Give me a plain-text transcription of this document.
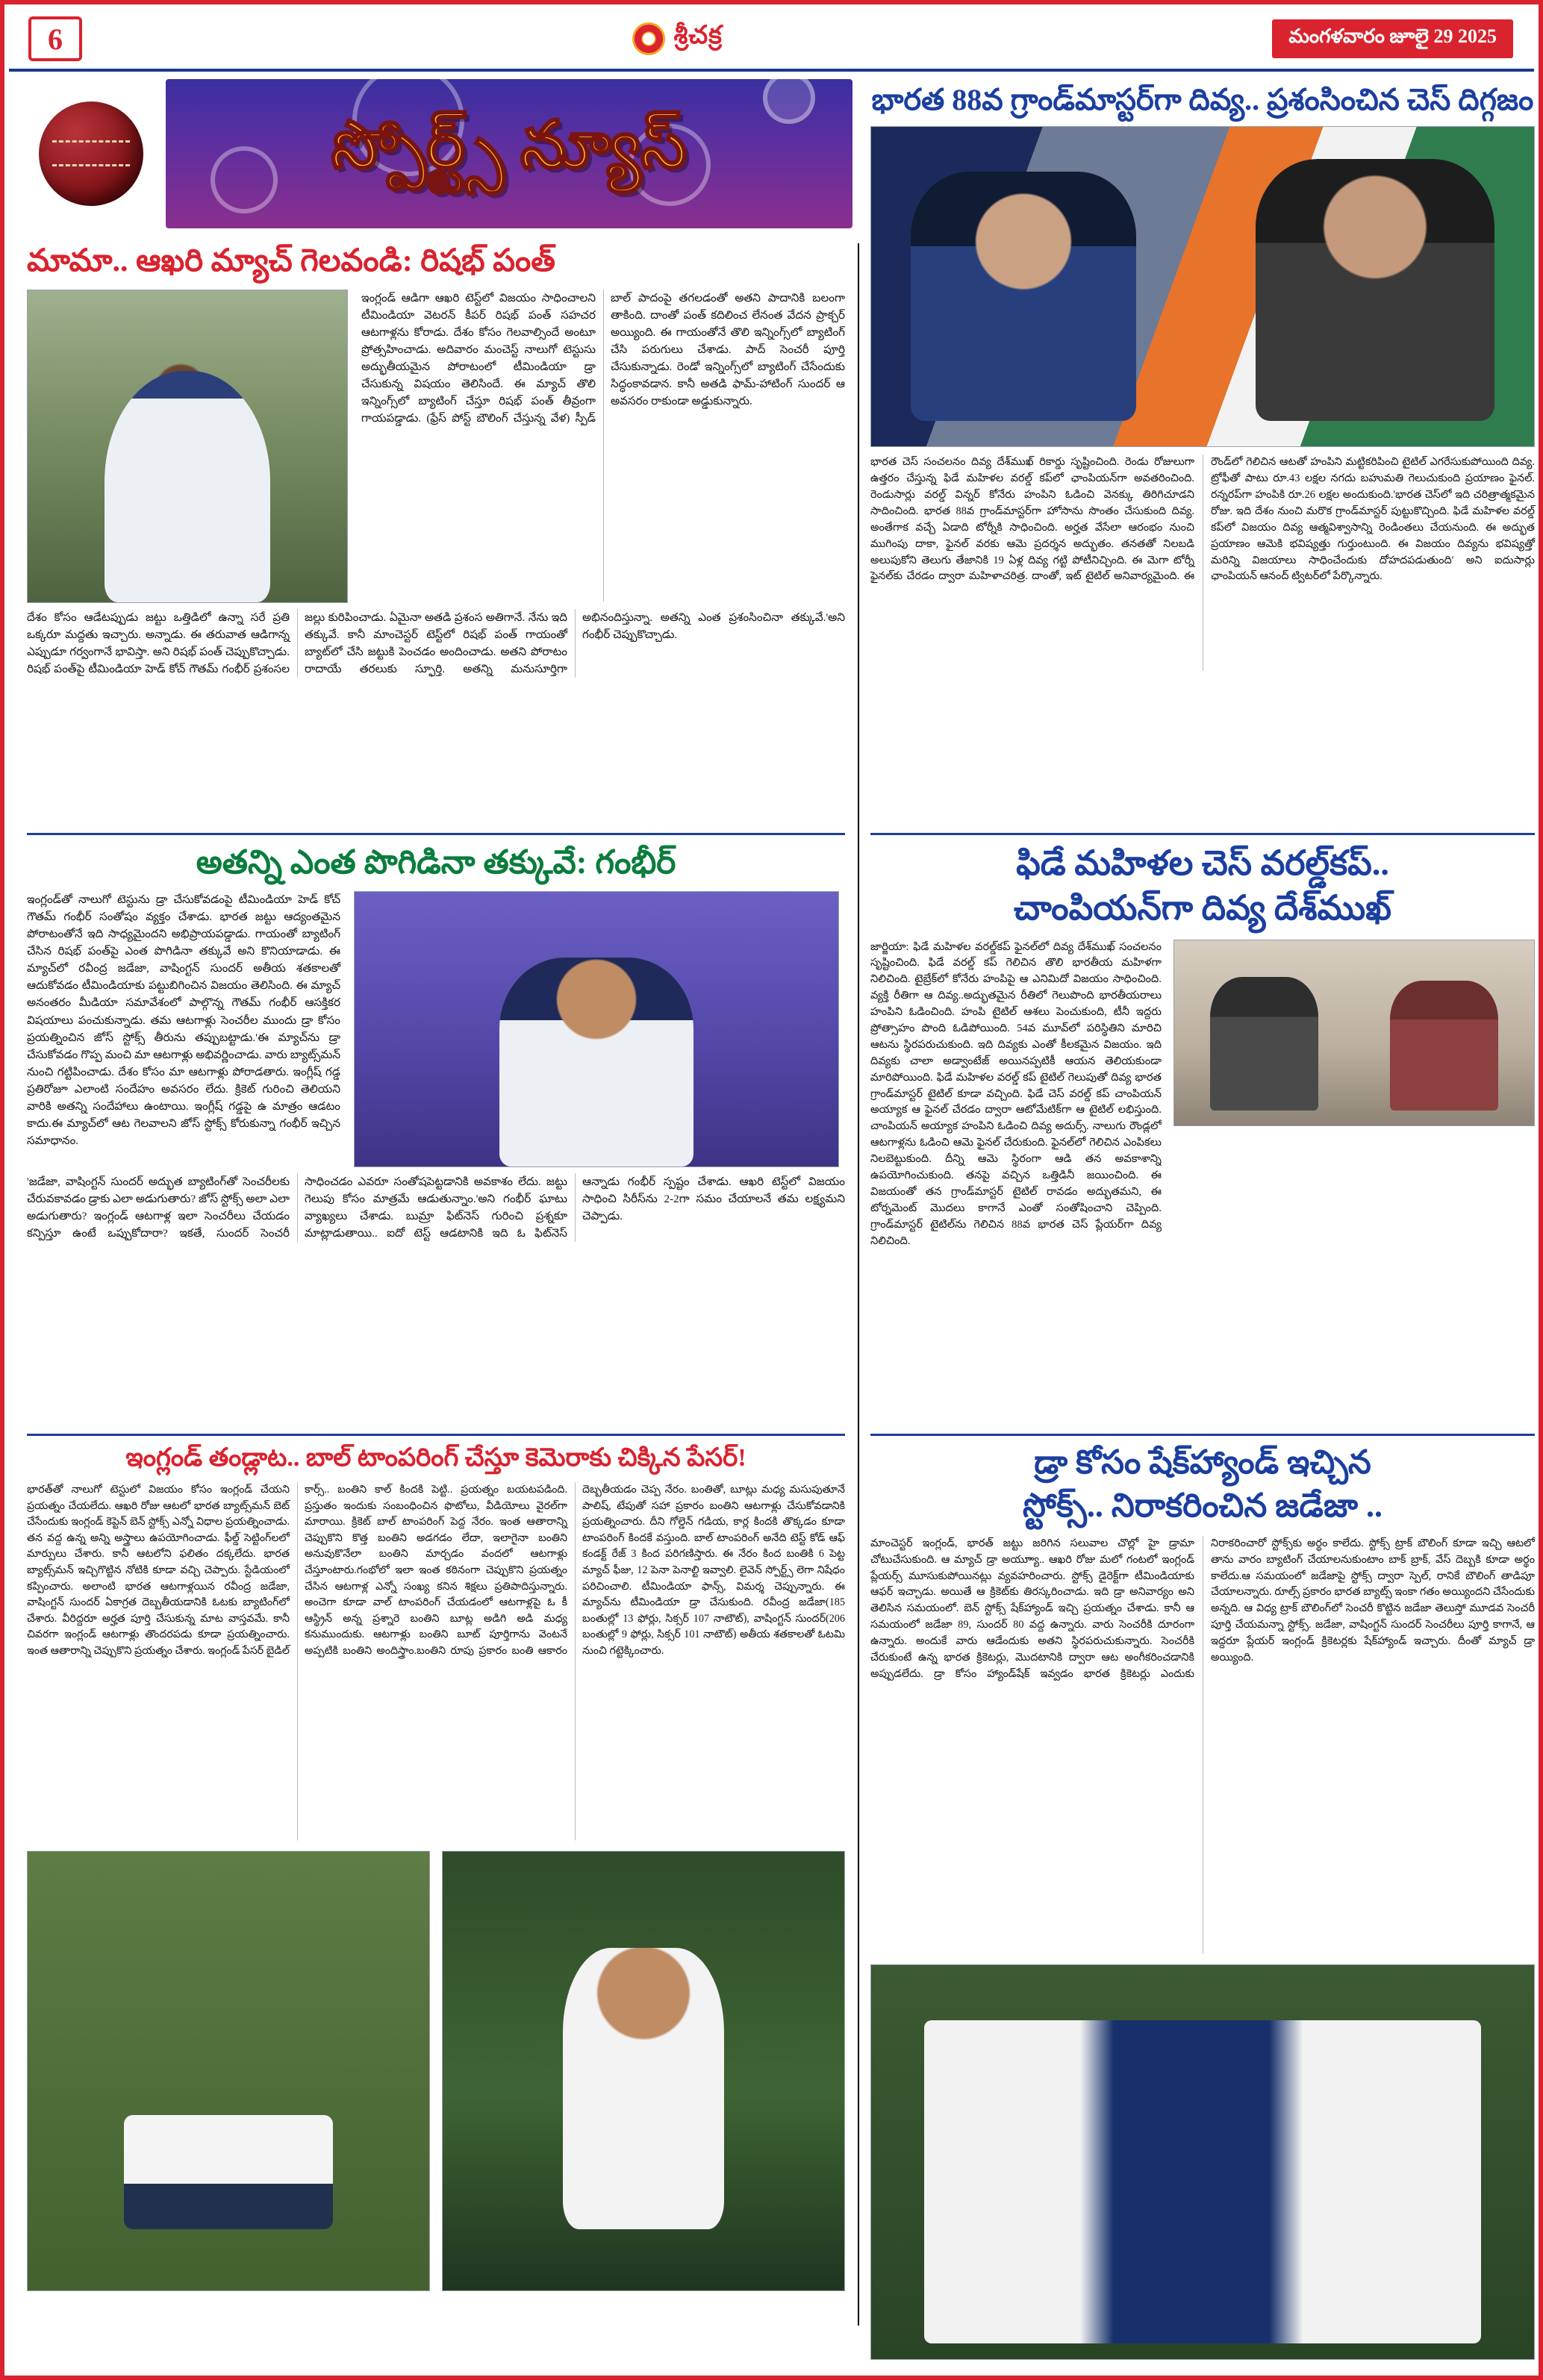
6	శ్రీచక్ర	మంగళవారం జూలై 29 2025
స్పోర్ట్స్ న్యూస్
భారత 88వ గ్రాండ్‌మాస్టర్‌గా దివ్య.. ప్రశంసించిన చెస్ దిగ్గజం
భారత చెస్ సంచలనం దివ్య దేశ్‌ముఖ్ రికార్డు సృష్టించింది. రెండు రోజులుగా ఉత్తరం చేస్తున్న ఫిడే మహిళల వరల్డ్ కప్‌లో ఛాంపియన్‌గా అవతరించింది. రెండుసార్లు వరల్డ్ విన్నర్ కోనేరు హంపిని ఓడించి వెనక్కు తిరిగిచూడని సాదించింది. భారత 88వ గ్రాండ్‌మాస్టర్‌గా హోసాను సొంతం చేసుకుంది దివ్య. అంతేగాక వచ్చే ఏడాది టోర్నీకి సాధించింది. అర్హత వేసేలా ఆరంభం నుంచి ముగింపు దాకా, ఫైనల్ వరకు ఆమె ప్రదర్శన అద్భుతం. తనతతో నిలబడి అలుపుకోని తెలుగు తేజానికి 19 ఏళ్ల దివ్య గట్టి పోటీనిచ్చింది. ఈ మెగా టోర్నీ ఫైనల్‌కు చేరడం ద్వారా మహిళాచరిత్ర. దాంతో, ఇట్ టైటిల్ అనివార్యమైంది. ఈ రౌండ్‌లో గెలిచిన ఆటతో హంపిని మట్టికరిపించి టైటిల్ ఎగరేసుకుపోయింది దివ్య. ట్రోఫీతో పాటు రూ.43 లక్షల నగదు బహుమతి గెలుచుకుంది ప్రయాణం ఫైనల్. రన్నరప్‌గా హంపికి రూ.26 లక్షల అందుకుంది.'భారత చెస్‌లో ఇది చరిత్రాత్మకమైన రోజు. ఇది దేశం నుంచి మరొక గ్రాండ్‌మాస్టర్ పుట్టుకొచ్చింది. ఫిడే మహిళల వరల్డ్ కప్‌లో విజయం దివ్య ఆత్మవిశ్వాసాన్ని రెండింతలు చేయనుంది. ఈ అద్భుత ప్రయాణం ఆమెకి భవిష్యత్తు గుర్తుంటుంది. ఈ విజయం దివ్యను భవిష్యత్తో మరిన్ని విజయాలు సాధించేందుకు దోహదపడుతుంది' అని ఐదుసార్లు ఛాంపియన్ ఆనంద్ ట్విటర్‌లో పేర్కొన్నారు.
మామా.. ఆఖరి మ్యాచ్ గెలవండి: రిషభ్ పంత్
ఇంగ్లండ్ ఆడిగా ఆఖరి టెస్ట్‌లో విజయం సాధించాలని టీమిండియా వెటరన్ కీపర్ రిషభ్ పంత్ సహచర ఆటగాళ్లను కోరాడు. దేశం కోసం గెలవాల్సిందే అంటూ ప్రోత్సహించాడు. అదివారం మంచెస్ట్ నాలుగో టెస్టుసు అద్భుతీయమైన పోరాటంలో టీమిండియా డ్రా చేసుకున్న విషయం తెలిసిందే. ఈ మ్యాచ్ తొలి ఇన్నింగ్స్‌లో బ్యాటింగ్ చేస్తూ రిషభ్ పంత్ తీవ్రంగా గాయపడ్డాడు. (ఫ్రేస్ పోస్ట్ బౌలింగ్ చేస్తున్న వేళ) స్పీడ్ బాల్ పాదంపై తగలడంతో అతని పాదానికి బలంగా తాకింది. దాంతో పంత్ కదిలించ లేనంత వేదన ప్రాక్చర్ అయ్యింది. ఈ గాయంతోనే తొలి ఇన్నింగ్స్‌లో బ్యాటింగ్ చేసి పరుగులు చేశాడు. పాద్ సెంచరీ పూర్తి చేసుకున్నాడు. రెండో ఇన్నింగ్స్‌లో బ్యాటింగ్ చేసేందుకు సిద్ధంకావడాన. కానీ అతడి ఫామ్-హాటింగ్ సుందర్ ఆ అవసరం రాకుండా అడ్డుకున్నారు.
దేశం కోసం ఆడేటప్పుడు జట్టు ఒత్తిడిలో ఉన్నా సరే ప్రతి ఒక్కరూ మద్దతు ఇచ్చారు. అన్నాడు. ఈ తరువాత ఆడిగాన్న ఎప్పుడూ గర్వంగానే భావిస్తా. అని రిషభ్ పంత్ చెప్పుకొచ్చాడు. రిషభ్ పంత్‌పై టీమిండియా హెడ్ కోచ్ గౌతమ్ గంభీర్ ప్రశంసల జల్లు కురిపించాడు. ఏమైనా అతడి ప్రశంస అతిగానే. నేను ఇది తక్కువే. కానీ మాంచెస్టర్ టెస్ట్‌లో రిషభ్ పంత్ గాయంతో బ్యాట్‌లో చేసి జట్టుకి పెంచడం అందించాడు. అతని పోరాటం రాదాయే తరలుకు స్ఫూర్తి. అతన్ని మనుసూర్తిగా అభినందిస్తున్నా. అతన్ని ఎంత ప్రశంసించినా తక్కువే.'అని గంభీర్ చెప్పుకొచ్చాడు.
అతన్ని ఎంత పొగిడినా తక్కువే: గంభీర్
ఇంగ్లండ్‌తో నాలుగో టెస్టును డ్రా చేసుకోవడంపై టీమిండియా హెడ్ కోచ్ గౌతమ్ గంభీర్ సంతోషం వ్యక్తం చేశాడు. భారత జట్టు ఆద్యంతమైన పోరాటంతోనే ఇది సాధ్యమైందని అభిప్రాయపడ్డాడు. గాయంతో బ్యాటింగ్ చేసిన రిషభ్ పంత్‌పై ఎంత పొగిడినా తక్కువే అని కొనియాడాడు. ఈ మ్యాచ్‌లో రవీంద్ర జడేజా, వాషింగ్టన్ సుందర్ అతీయ శతకాలతో ఆదుకోవడం టీమిండియాకు పట్టుబిగించిన విజయం తెలిసింది. ఈ మ్యాచ్ అనంతరం మీడియా సమావేశంలో పాల్గొన్న గౌతమ్ గంభీర్ ఆసక్తికర విషయాలు పంచుకున్నాడు. తమ ఆటగాళ్లు సెంచరీల ముందు డ్రా కోసం ప్రయత్నించిన జోస్ స్టోక్స్ తీరును తప్పుబట్టాడు.'ఈ మ్యాచ్‌ను డ్రా చేసుకోవడం గొప్ప మంచి మా ఆటగాళ్లు అభివర్ణించాడు. వారు బ్యాట్స్‌మన్ నుంచి గట్టిపించాడు. దేశం కోసం మా ఆటగాళ్లు పోరాడతారు. ఇంగ్లీష్ గడ్డ ప్రతిరోజూ ఎలాంటి సందేహం అవసరం లేదు. క్రికెట్ గురించి తెలియని వారికి అతన్ని సందేహాలు ఉంటాయి. ఇంగ్లీష్ గడ్డపై ఉ మాత్రం ఆడటం కాదు.ఈ మ్యాచ్‌లో ఆట గెలవాలని జోస్ స్టోక్స్ కోరుకున్నా గంభీర్ ఇచ్చిన సమాధానం.
'జడేజా, వాషింగ్టన్ సుందర్ అద్భుత బ్యాటింగ్‌తో సెంచరీలకు చేరువకావడం డ్రాకు ఎలా అడుగుతారు? జోస్ స్టోక్స్ అలా ఎలా అడుగుతారు? ఇంగ్లండ్ ఆటగాళ్ల ఇలా సెంచరీలు చేయడం కన్పిస్తూ ఉంటే ఒప్పుకోదారా? ఇకతే, సుందర్ సెంచరీ సాధించడం ఎవరూ సంతోషపెట్టడానికి అవకాశం లేదు. జట్టు గెలుపు కోసం మాత్రమే ఆడుతున్నాం.'అని గంభీర్ ఘాటు వ్యాఖ్యలు చేశాడు. బుమ్రా ఫిట్‌నెస్ గురించి ప్రశ్నకూ మాట్లాడుతాయి.. ఐదో టెస్ట్ ఆడటానికి ఇది ఓ ఫిట్‌నెస్ ఆన్నాడు గంభీర్ స్పష్టం చేశాడు. ఆఖరి టెస్ట్‌లో విజయం సాధించి సిరీస్‌ను 2-2గా సమం చేయాలనే తమ లక్ష్యమని చెప్పాడు.
ఫిడే మహిళల చెస్ వరల్డ్‌కప్..
చాంపియన్‌గా దివ్య దేశ్‌ముఖ్
జార్జియా: ఫిడే మహిళల వరల్డ్‌కప్ ఫైనల్‌లో దివ్య దేశ్‌ముఖ్ సంచలనం సృష్టించింది. ఫిడే వరల్డ్ కప్ గెలిచిన తొలి భారతీయ మహిళగా నిలిచింది. టైబ్రేక్‌లో కోనేరు హంపిపై ఆ ఎనిమిదో విజయం సాధించింది. వ్యక్తి రీతిగా ఆ దివ్య..అద్భుతమైన రీతిలో గెలుపొంది భారతీయరాలు హంపిని ఓడించింది. హంపి టైటిల్ ఆశలు పెంచుకుంది, టీనీ ఇద్దరు ప్రోత్సాహం పొంది ఓడిపోయింది. 54వ మూవ్‌లో పరిస్థితిని మారిచి ఆటను స్థిరపరుచుకుంది. ఇది దివ్యకు ఎంతో కీలకమైన విజయం. ఇది దివ్యకు చాలా అడ్వాంటేజ్ అయినప్పటికీ ఆయన తెలియకుండా మారిపోయింది. ఫిడే మహిళల వరల్డ్ కప్ టైటిల్ గెలుపుతో దివ్య భారత గ్రాండ్‌మాస్టర్ టైటిల్ కూడా వచ్చింది. ఫిడే చెస్ వరల్డ్ కప్ చాంపియన్ అయ్యాక ఆ ఫైనల్ చేరడం ద్వారా ఆటోమేటిక్‌గా ఆ టైటిల్ లభిస్తుంది. చాంపియన్‌ అయ్యాక హంపిని ఓడించి దివ్య అదుర్స్. నాలుగు రౌండ్లలో ఆటగాళ్లను ఓడించి ఆమె ఫైనల్ చేరుకుంది. ఫైనల్‌లో గెలిచిన ఎంపికలు నిలబెట్టుకుంది. దీన్ని ఆమె స్థిరంగా ఆడి తన అవకాశాన్ని ఉపయోగించుకుంది. తనపై వచ్చిన ఒత్తిడినీ జయించింది. ఈ విజయంతో తన గ్రాండ్‌మాస్టర్ టైటిల్ రావడం అద్భుతమని, ఈ టోర్నమెంట్ మొదలు కాగానే ఎంతో సంతోషించాని చెప్పింది. గ్రాండ్‌మాస్టర్ టైటిల్‌ను గెలిచిన 88వ భారత చెస్ ప్లేయర్‌గా దివ్య నిలిచింది.
ఇంగ్లండ్ తండ్లాట.. బాల్ టాంపరింగ్ చేస్తూ కెమెరాకు చిక్కిన పేసర్!
భారత్‌తో నాలుగో టెస్టులో విజయం కోసం ఇంగ్లండ్ చేయని ప్రయత్నం చేయలేదు. ఆఖరి రోజు ఆటలో భారత బ్యాట్స్‌మన్ బెట్ చేసేందుకు ఇంగ్లండ్ కెప్టెన్ బెన్ స్టోక్స్ ఎన్నో విధాల ప్రయత్నించాడు. తన వద్ద ఉన్న అన్ని అస్త్రాలు ఉపయోగించాడు. ఫీల్డ్ సెట్టింగ్‌లలో మార్పులు చేశారు. కానీ ఆటలోని ఫలితం దక్కలేదు. భారత బ్యాట్స్‌మన్ ఇచ్చిగొట్టిన నోటికి కూడా వచ్చి చెప్పారు. స్టేడియంలో కప్పించారు. అలాంటి భారత ఆటగాళ్లయిన రవీంద్ర జడేజా, వాషింగ్టన్ సుందర్ ఏకాగ్రత దెబ్బతీయడానికి ఓటకు బ్యాటింగ్‌లో చేశారు. వీరిద్దరూ అర్హత పూర్తి చేసుకున్న మాట వాస్తవమే. కానీ చివరగా ఇంగ్లండ్ ఆటగాళ్లు తొందరపడు కూడా ప్రయత్నించారు. ఇంత ఆతారాన్ని చెప్పుకొని ప్రయత్నం చేశారు. ఇంగ్లండ్ పేసర్ బైడిల్ కార్స్.. బంతిని కాల్ కిందకి పెట్టి.. ప్రయత్నం బయటపడింది. ప్రస్తుతం ఇందుకు సంబంధించిన ఫొటోలు, వీడియోలు వైరల్‌గా మారాయి. క్రికెట్ బాల్ టాంపరింగ్ పెద్ద నేరం. ఇంత ఆతారాన్ని చెప్పుకొని కొత్త బంతిని అడగడం లేదా, ఇలాగైనా బంతిని అనువుకొనేలా బంతిని మార్చడం వందలో ఆటగాళ్లు చేస్తూంటారు.గంభోలో ఇలా ఇంత కఠినంగా చెప్పుకొని ప్రయత్నం చేసిన ఆటగాళ్ల ఎన్నో సంఖ్య కనిన శిక్షలు ప్రతిపాదిస్తున్నారు. అంచెగా కూడా వాల్ టాంపరింగ్ చేయడంలో ఆటగాళ్లపై ఓ కీ ఆస్థ్రిన్ అన్న ప్రశ్నారె బంతిని బూట్ల అడిగి అడి మధ్య కనుముందుకు. ఆటగాళ్లు బంతిని బూట్ పూర్తిగాను వెంటనే అప్పటికి బంతిని అందిస్త్రాం.బంతిని రూపు ప్రకారం బంతి ఆకారం దెబ్బతీయడం చెప్ప నేరం. బంతితో, బూట్లు మధ్య మసుపుతూనే పాలిష్, టేపుతో సహా ప్రకారం బంతిని ఆటగాళ్లు చేసుకోవడానికి ప్రయత్నించారు. దీని గోల్డెన్ గడియ, కార్ల కిందకి తొక్కడం కూడా టాంపరింగ్ కిందకే వస్తుంది. బాల్ టాంపరింగ్ అనేది టెస్ట్ కోడ్ ఆఫ్ కండక్ట్ రేజ్ 3 కింద పరిగణిస్తారు. ఈ నేరం కింద బంతికి 6 పెట్ట మ్యాచ్ ఫీజు, 12 పెనా పెనాల్టి ఇవ్వాలి. లైవెన్ స్పోర్ట్స్ లెగా నిషేధం పరిచించాలి. టీమిండియా ఫాన్స్, విమర్శ చెప్పున్నారు. ఈ మ్యాచ్‌ను టీమిండియా డ్రా చేసుకుంది. రవీంద్ర జడేజా(185 బంతుల్లో 13 ఫోర్లు, సిక్సర్ 107 నాటౌట్), వాషింగ్టన్ సుందర్(206 బంతుల్లో 9 ఫోర్లు, సిక్సర్ 101 నాటౌట్) అతీయ శతకాలతో ఓటమి నుంచి గట్టెక్కించారు.
డ్రా కోసం షేక్‌హ్యాండ్ ఇచ్చిన
స్టోక్స్.. నిరాకరించిన జడేజా ..
మాంచెస్టర్ ఇంగ్లండ్, భారత్ జట్టు జరిగిన సలువాల చొల్లో హై డ్రామా చోటుచేసుకుంది. ఆ మ్యాచ్ డ్రా అయ్యూా.. ఆఖరి రోజు మలో గంటలో ఇంగ్లండ్ ప్లేయర్స్ మూసుకుపోయినట్లు వ్యవహరించారు. స్టోక్స్ డైరెక్ట్‌గా టీమిండియాకు ఆఫర్ ఇచ్చాడు. అయితే ఆ క్రికెట్‌కు తిరస్కరించాడు. ఇది డ్రా అనివార్యం అని తెలిసిన సమయంలో. బెన్ స్టోక్స్ షేక్‌హ్యాండ్ ఇచ్చి ప్రయత్నం చేశాడు. కానీ ఆ సమయంలో జడేజా 89, సుందర్ 80 వద్ద ఉన్నారు. వారు సెంచరీకి దూరంగా ఉన్నారు. అందుకే వారు ఆడేందుకు అతని స్థిరపరుచుకున్నారు. సెంచరీకి చేరుకుంటే ఉన్న భారత క్రికెటర్లు, మొదటానికి ద్వారా ఆట అంగీకరించడానికి అప్పుడలేదు. డ్రా కోసం హ్యాండ్‌షేక్ ఇవ్వడం భారత క్రికెటర్లు ఎందుకు నిరాకరించారో స్టోక్స్‌కు అర్థం కాలేదు. స్టోక్స్ ట్రాక్ బౌలింగ్ కూడా ఇచ్చి ఆటలో తాను వారం బ్యాటింగ్ చేయాలనుకుంటాం బాక్ బ్రాక్, వేస్ దెబ్బకి కూడా అర్థం కాలేదు.ఆ సమయంలో జడేజాపై స్టోక్స్ ద్వారా స్పెల్, రానికే బౌలింగ్ తాడిపూ చేయాలన్నారు. రూల్స్ ప్రకారం భారత బ్యాట్స్ ఇంకా గతం అయ్యిందని చేసేందుకు అన్నది. ఆ విధ్య ట్రాక్ బౌలింగ్‌లో సెంచరీ కొట్టిన జడేజా తెలుస్తో మూడవ సెంచరీ పూర్తి చేయమన్నా స్టోక్స్. జడేజా, వాషింగ్టన్ సుందర్ సెంచరీలు పూర్తి కాగానే, ఆ ఇద్దరూ ప్లేయర్ ఇంగ్లండ్ క్రికెటర్లకు షేక్‌హ్యాండ్ ఇచ్చారు. దీంతో మ్యాచ్ డ్రా అయ్యింది.
